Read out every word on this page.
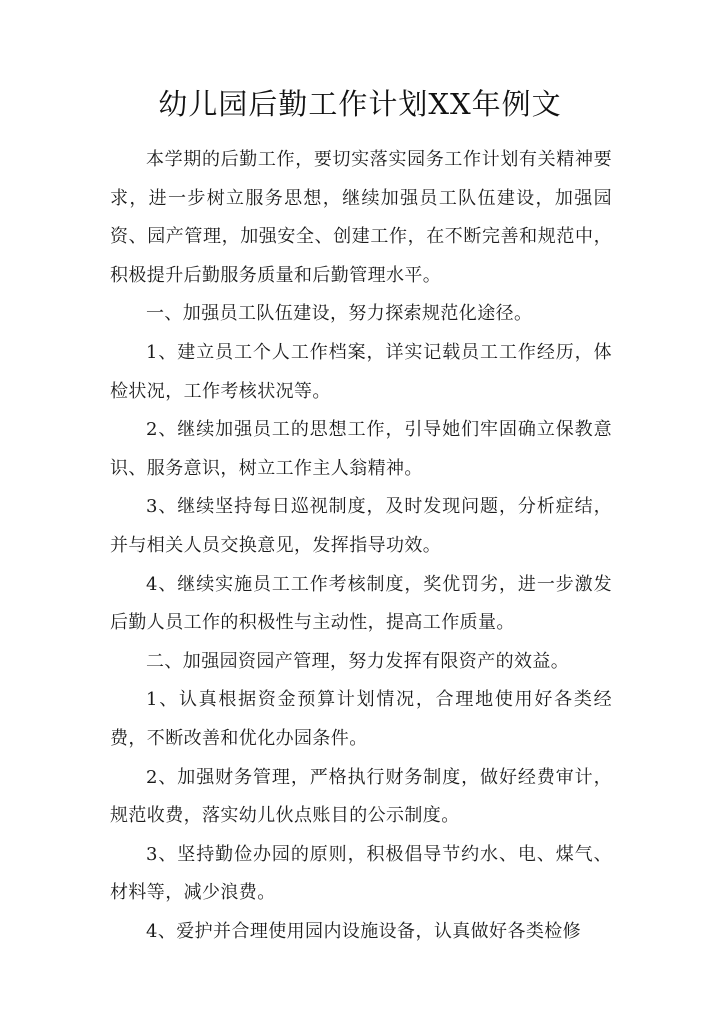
幼儿园后勤工作计划XX年例文

本学期的后勤工作，要切实落实园务工作计划有关精神要求，进一步树立服务思想，继续加强员工队伍建设，加强园资、园产管理，加强安全、创建工作，在不断完善和规范中，积极提升后勤服务质量和后勤管理水平。

一、加强员工队伍建设，努力探索规范化途径。

1、建立员工个人工作档案，详实记载员工工作经历，体检状况，工作考核状况等。

2、继续加强员工的思想工作，引导她们牢固确立保教意识、服务意识，树立工作主人翁精神。

3、继续坚持每日巡视制度，及时发现问题，分析症结，并与相关人员交换意见，发挥指导功效。

4、继续实施员工工作考核制度，奖优罚劣，进一步激发后勤人员工作的积极性与主动性，提高工作质量。

二、加强园资园产管理，努力发挥有限资产的效益。

1、认真根据资金预算计划情况，合理地使用好各类经费，不断改善和优化办园条件。

2、加强财务管理，严格执行财务制度，做好经费审计，规范收费，落实幼儿伙点账目的公示制度。

3、坚持勤俭办园的原则，积极倡导节约水、电、煤气、材料等，减少浪费。

4、爱护并合理使用园内设施设备，认真做好各类检修
